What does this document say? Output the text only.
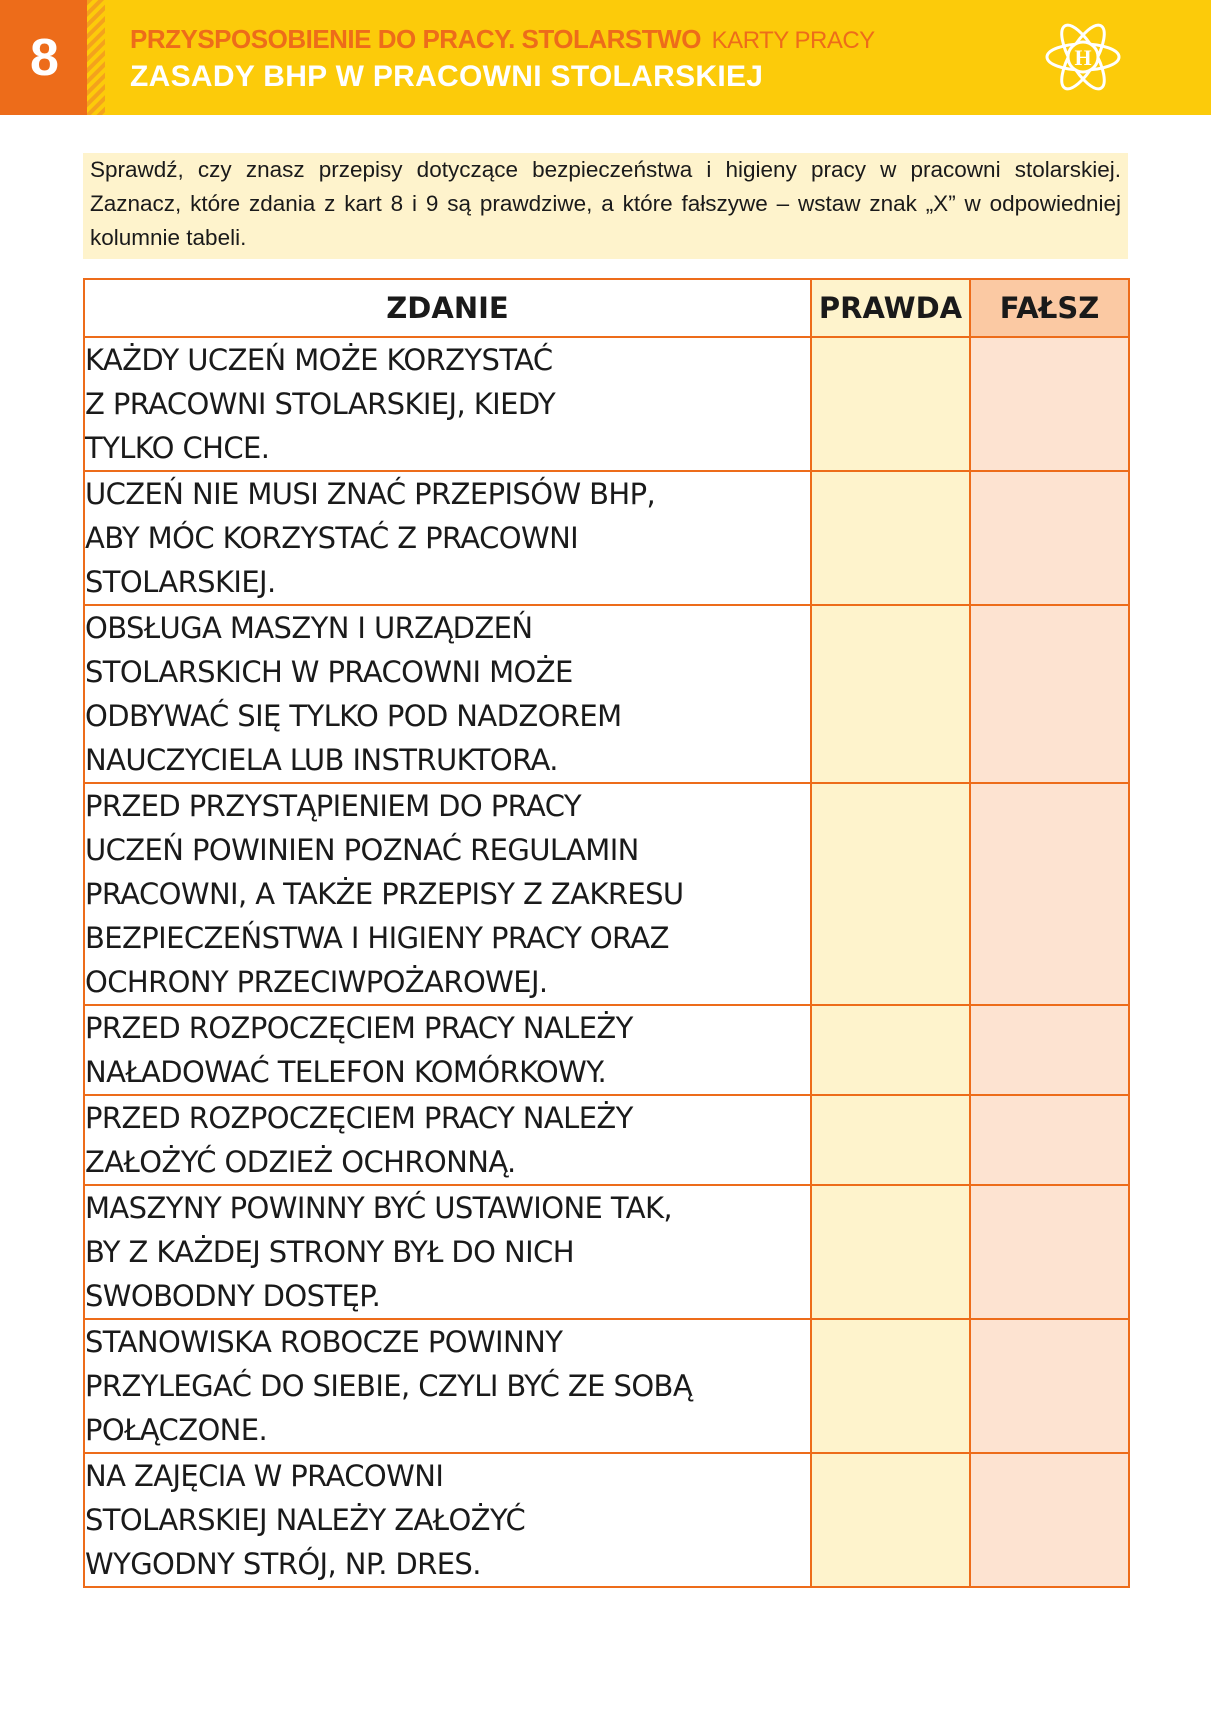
8	PRZYSPOSOBIENIE DO PRACY. STOLARSTWO KARTY PRACY
ZASADY BHP W PRACOWNI STOLARSKIEJ
H
Sprawdź, czy znasz przepisy dotyczące bezpieczeństwa i higieny pracy w pracowni stolarskiej.
Zaznacz, które zdania z kart 8 i 9 są prawdziwe, a które fałszywe – wstaw znak „X” w odpowiedniej
kolumnie tabeli.
ZDANIE	PRAWDA	FAŁSZ

KAŻDY UCZEŃ MOŻE KORZYSTAĆ
Z PRACOWNI STOLARSKIEJ, KIEDY
TYLKO CHCE.		

UCZEŃ NIE MUSI ZNAĆ PRZEPISÓW BHP,
ABY MÓC KORZYSTAĆ Z PRACOWNI
STOLARSKIEJ.		

OBSŁUGA MASZYN I URZĄDZEŃ
STOLARSKICH W PRACOWNI MOŻE
ODBYWAĆ SIĘ TYLKO POD NADZOREM
NAUCZYCIELA LUB INSTRUKTORA.		

PRZED PRZYSTĄPIENIEM DO PRACY
UCZEŃ POWINIEN POZNAĆ REGULAMIN
PRACOWNI, A TAKŻE PRZEPISY Z ZAKRESU
BEZPIECZEŃSTWA I HIGIENY PRACY ORAZ
OCHRONY PRZECIWPOŻAROWEJ.		

PRZED ROZPOCZĘCIEM PRACY NALEŻY
NAŁADOWAĆ TELEFON KOMÓRKOWY.		

PRZED ROZPOCZĘCIEM PRACY NALEŻY
ZAŁOŻYĆ ODZIEŻ OCHRONNĄ.		

MASZYNY POWINNY BYĆ USTAWIONE TAK,
BY Z KAŻDEJ STRONY BYŁ DO NICH
SWOBODNY DOSTĘP.		

STANOWISKA ROBOCZE POWINNY
PRZYLEGAĆ DO SIEBIE, CZYLI BYĆ ZE SOBĄ
POŁĄCZONE.		

NA ZAJĘCIA W PRACOWNI
STOLARSKIEJ NALEŻY ZAŁOŻYĆ
WYGODNY STRÓJ, NP. DRES.		
